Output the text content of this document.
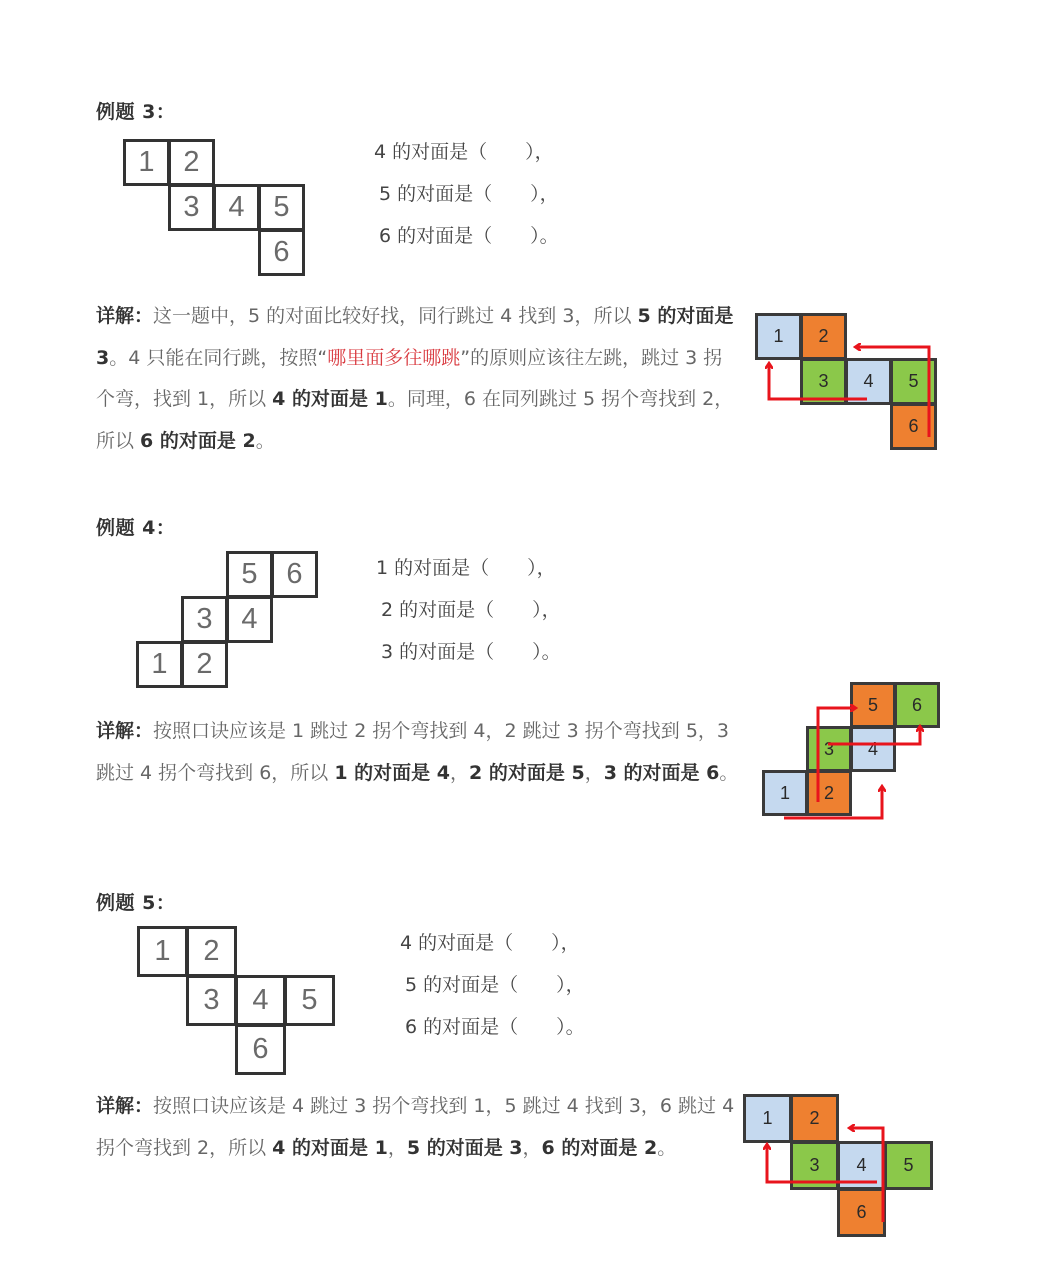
例题 3：
1 2
3 4 5
6
4 的对面是（　　），
5 的对面是（　　），
6 的对面是（　　）。
详解：这一题中，5 的对面比较好找，同行跳过 4 找到 3，所以 5 的对面是 3。4 只能在同行跳，按照“哪里面多往哪跳”的原则应该往左跳，跳过 3 拐个弯，找到 1，所以 4 的对面是 1。同理，6 在同列跳过 5 拐个弯找到 2，所以 6 的对面是 2。
1	2
3	4	5
6
例题 4：
5 6
3 4
1 2
1 的对面是（　　），
2 的对面是（　　），
3 的对面是（　　）。
详解：按照口诀应该是 1 跳过 2 拐个弯找到 4，2 跳过 3 拐个弯找到 5，3 跳过 4 拐个弯找到 6，所以 1 的对面是 4，2 的对面是 5，3 的对面是 6。
5	6
3	4
1	2
例题 5：
1	2
3	4	5
6
4 的对面是（　　），
5 的对面是（　　），
6 的对面是（　　）。
详解：按照口诀应该是 4 跳过 3 拐个弯找到 1，5 跳过 4 找到 3，6 跳过 4 拐个弯找到 2，所以 4 的对面是 1，5 的对面是 3，6 的对面是 2。
1	2
3	4	5
6
